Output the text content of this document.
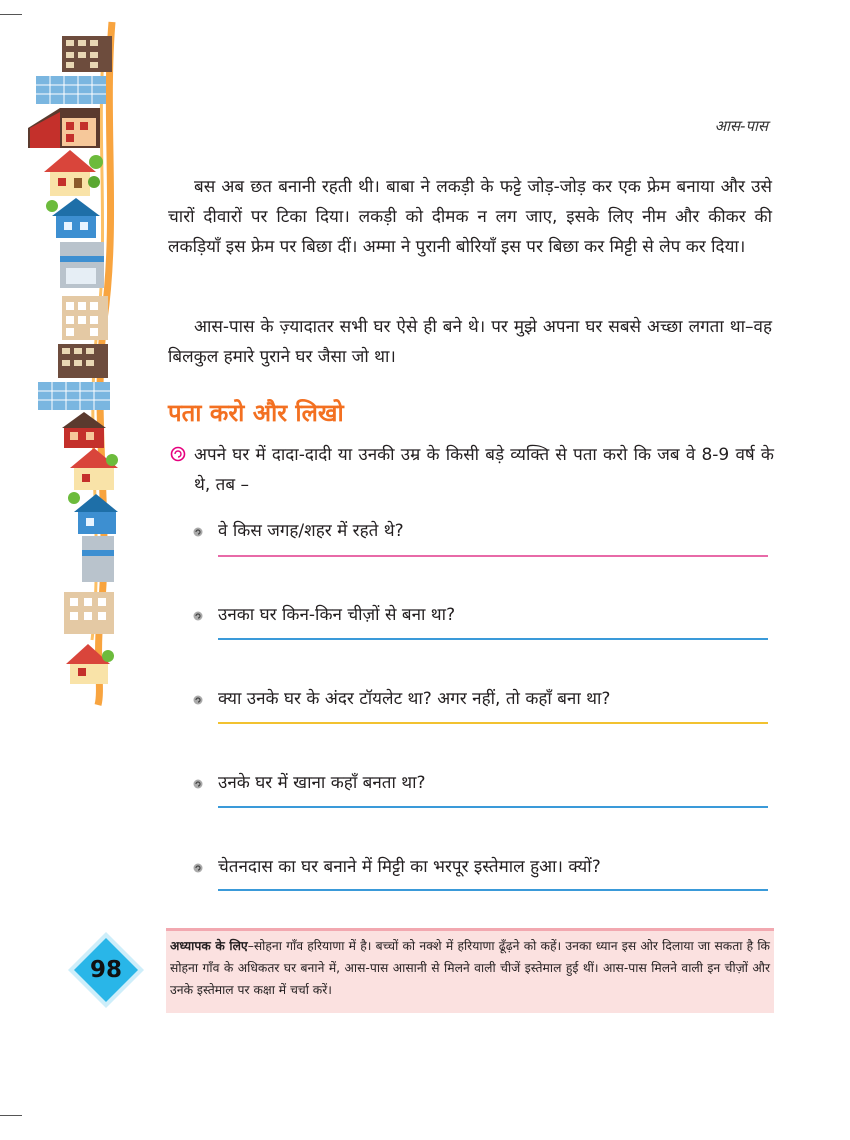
आस-पास

बस अब छत बनानी रहती थी। बाबा ने लकड़ी के फट्टे जोड़-जोड़ कर एक फ्रेम बनाया और उसे चारों दीवारों पर टिका दिया। लकड़ी को दीमक न लग जाए, इसके लिए नीम और कीकर की लकड़ियाँ इस फ्रेम पर बिछा दीं। अम्मा ने पुरानी बोरियाँ इस पर बिछा कर मिट्टी से लेप कर दिया।

आस-पास के ज़्यादातर सभी घर ऐसे ही बने थे। पर मुझे अपना घर सबसे अच्छा लगता था–वह बिलकुल हमारे पुराने घर जैसा जो था।

पता करो और लिखो
अपने घर में दादा-दादी या उनकी उम्र के किसी बड़े व्यक्ति से पता करो कि जब वे 8-9 वर्ष के थे, तब –
वे किस जगह/शहर में रहते थे?
उनका घर किन-किन चीज़ों से बना था?
क्या उनके घर के अंदर टॉयलेट था? अगर नहीं, तो कहाँ बना था?
उनके घर में खाना कहाँ बनता था?
चेतनदास का घर बनाने में मिट्टी का भरपूर इस्तेमाल हुआ। क्यों?
अध्यापक के लिए–सोहना गाँव हरियाणा में है। बच्चों को नक्शे में हरियाणा ढूँढ़ने को कहें। उनका ध्यान इस ओर दिलाया जा सकता है कि सोहना गाँव के अधिकतर घर बनाने में, आस-पास आसानी से मिलने वाली चीजें इस्तेमाल हुई थीं। आस-पास मिलने वाली इन चीज़ों और उनके इस्तेमाल पर कक्षा में चर्चा करें।
98
